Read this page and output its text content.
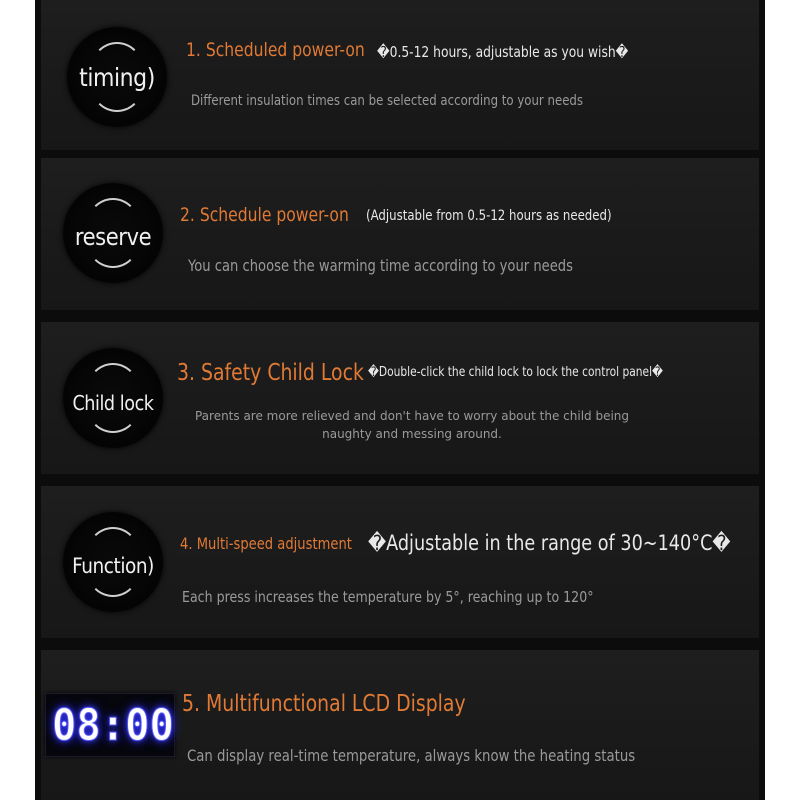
timing)
1. Scheduled power-on �0.5-12 hours, adjustable as you wish�
Different insulation times can be selected according to your needs
reserve
2. Schedule power-on (Adjustable from 0.5-12 hours as needed)
You can choose the warming time according to your needs
Child lock
3. Safety Child Lock �Double-click the child lock to lock the control panel�
Parents are more relieved and don't have to worry about the child being naughty and messing around.
Function)
4. Multi-speed adjustment �Adjustable in the range of 30~140°C�
Each press increases the temperature by 5°, reaching up to 120°
08:00 5. Multifunctional LCD Display
Can display real-time temperature, always know the heating status
